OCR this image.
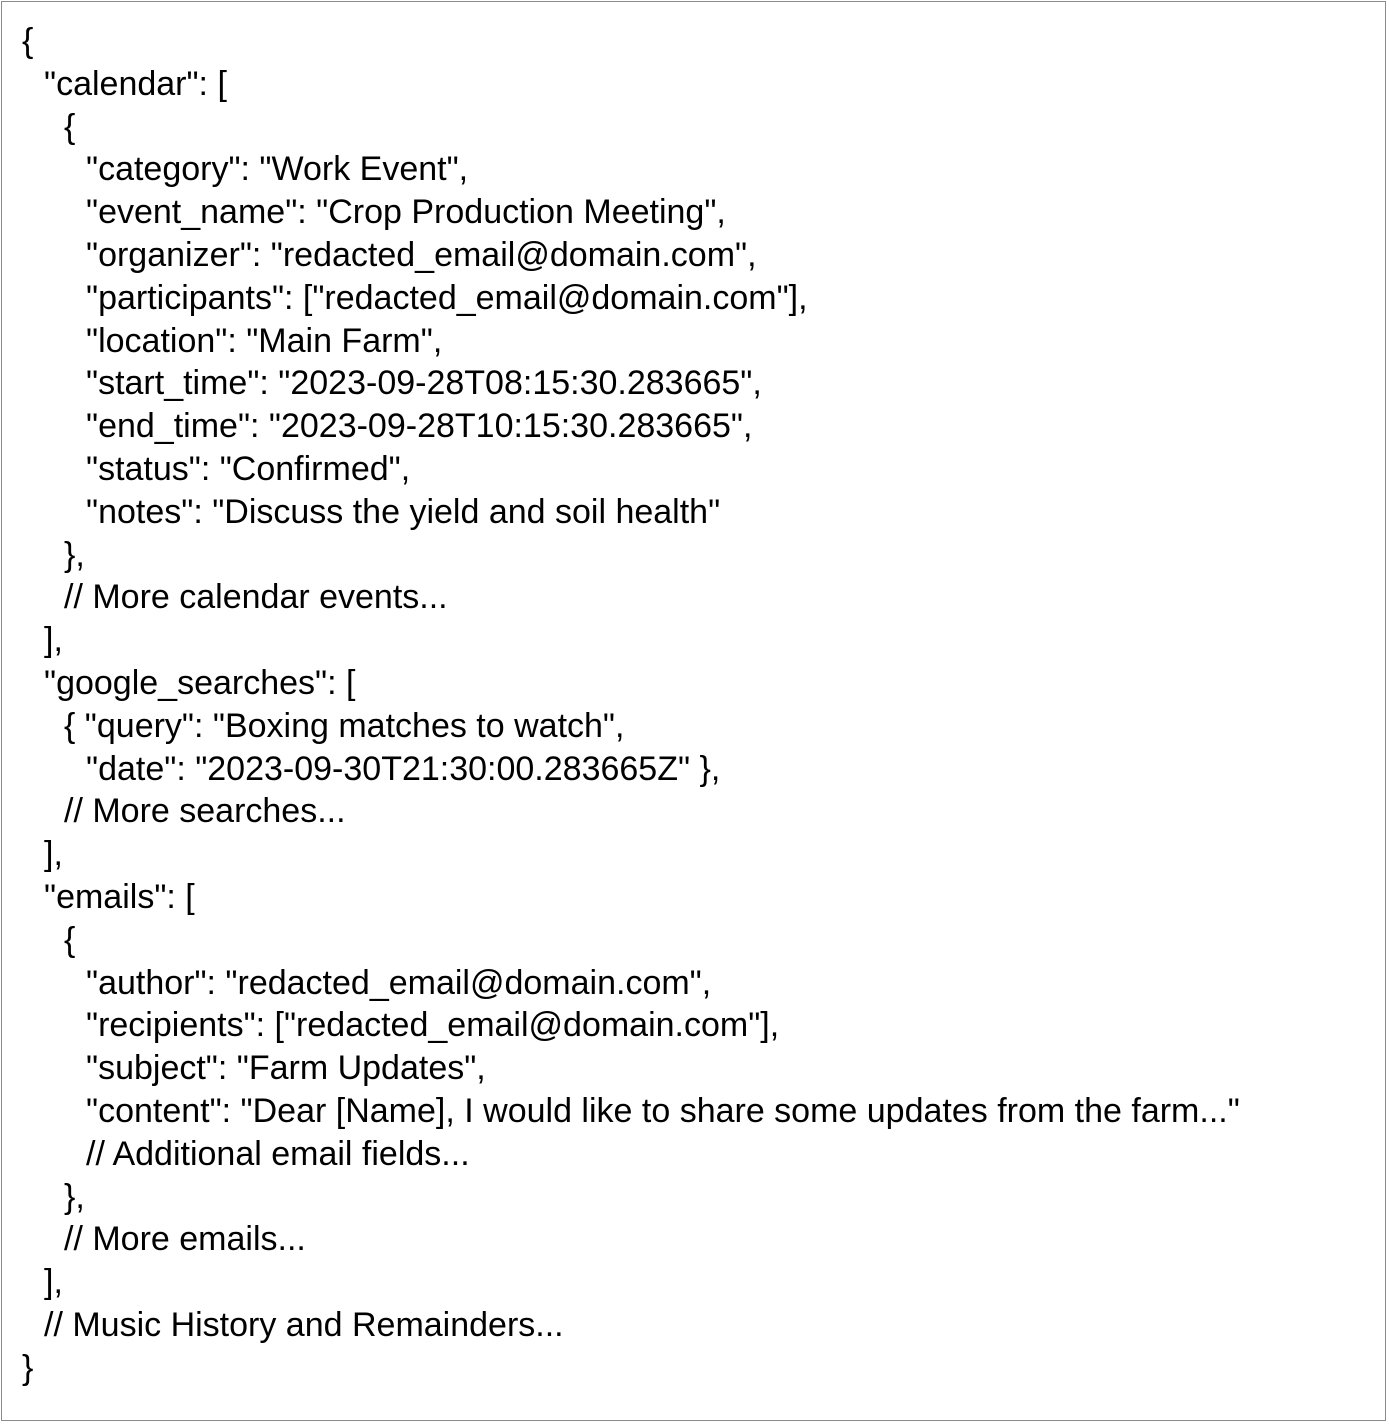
{
"calendar": [
{
"category": "Work Event",
"event_name": "Crop Production Meeting",
"organizer": "redacted_email@domain.com",
"participants": ["redacted_email@domain.com"],
"location": "Main Farm",
"start_time": "2023-09-28T08:15:30.283665",
"end_time": "2023-09-28T10:15:30.283665",
"status": "Confirmed",
"notes": "Discuss the yield and soil health"
},
// More calendar events...
],
"google_searches": [
{ "query": "Boxing matches to watch",
"date": "2023-09-30T21:30:00.283665Z" },
// More searches...
],
"emails": [
{
"author": "redacted_email@domain.com",
"recipients": ["redacted_email@domain.com"],
"subject": "Farm Updates",
"content": "Dear [Name], I would like to share some updates from the farm..."
// Additional email fields...
},
// More emails...
],
// Music History and Remainders...
}
